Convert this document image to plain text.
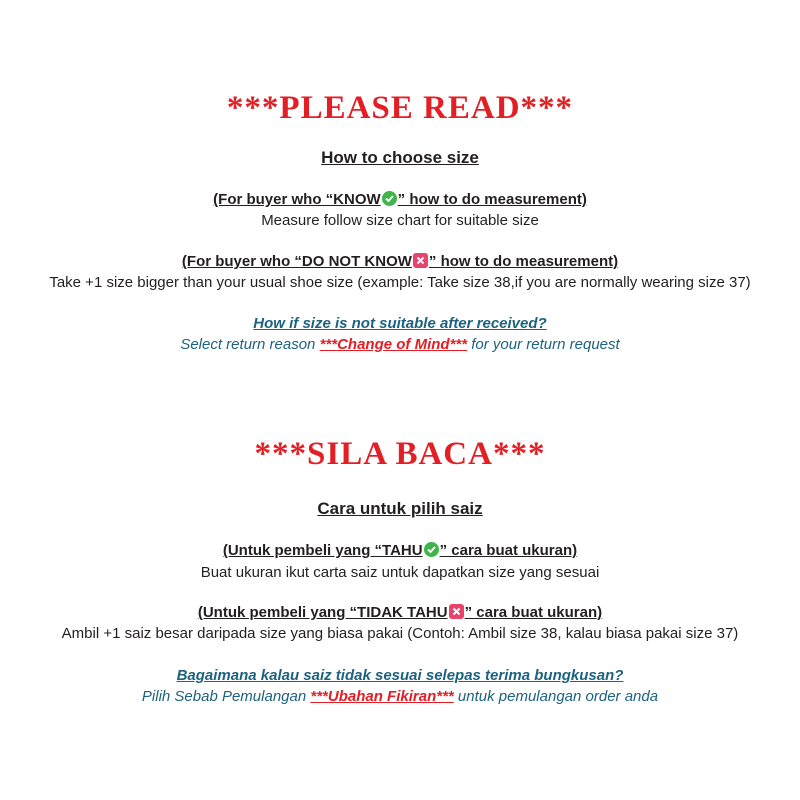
***PLEASE READ***
How to choose size
(For buyer who “KNOW ” how to do measurement)
Measure follow size chart for suitable size
(For buyer who “DO NOT KNOW ” how to do measurement)
Take +1 size bigger than your usual shoe size (example: Take size 38,if you are normally wearing size 37)
How if size is not suitable after received?
Select return reason ***Change of Mind*** for your return request
***SILA BACA***
Cara untuk pilih saiz
(Untuk pembeli yang “TAHU ” cara buat ukuran)
Buat ukuran ikut carta saiz untuk dapatkan size yang sesuai
(Untuk pembeli yang “TIDAK TAHU ” cara buat ukuran)
Ambil +1 saiz besar daripada size yang biasa pakai (Contoh: Ambil size 38, kalau biasa pakai size 37)
Bagaimana kalau saiz tidak sesuai selepas terima bungkusan?
Pilih Sebab Pemulangan ***Ubahan Fikiran*** untuk pemulangan order anda
